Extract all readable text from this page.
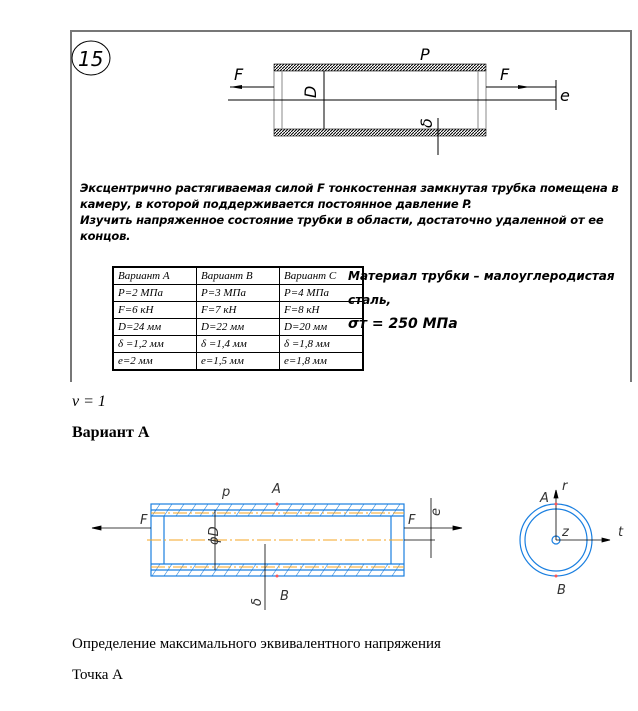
15
F	F
P
e
D
δ
Эксцентрично растягиваемая силой F тонкостенная замкнутая трубка помещена в
камеру, в которой поддерживается постоянное давление P.
Изучить напряженное состояние трубки в области, достаточно удаленной от ее концов.
Вариант A	Вариант B	Вариант C
P=2 МПа	P=3 МПа	P=4 МПа
F=6 кН	F=7 кН	F=8 кН
D=24 мм	D=22 мм	D=20 мм
δ =1,2 мм	δ =1,4 мм	δ =1,8 мм
e=2 мм	e=1,5 мм	e=1,8 мм
Материал трубки – малоуглеродистая сталь,
σт = 250 МПа
ν = 1
Вариант А
F	F
p	A
B
ϕD
δ
e
r
t
z
A
B
Определение максимального эквивалентного напряжения
Точка А
